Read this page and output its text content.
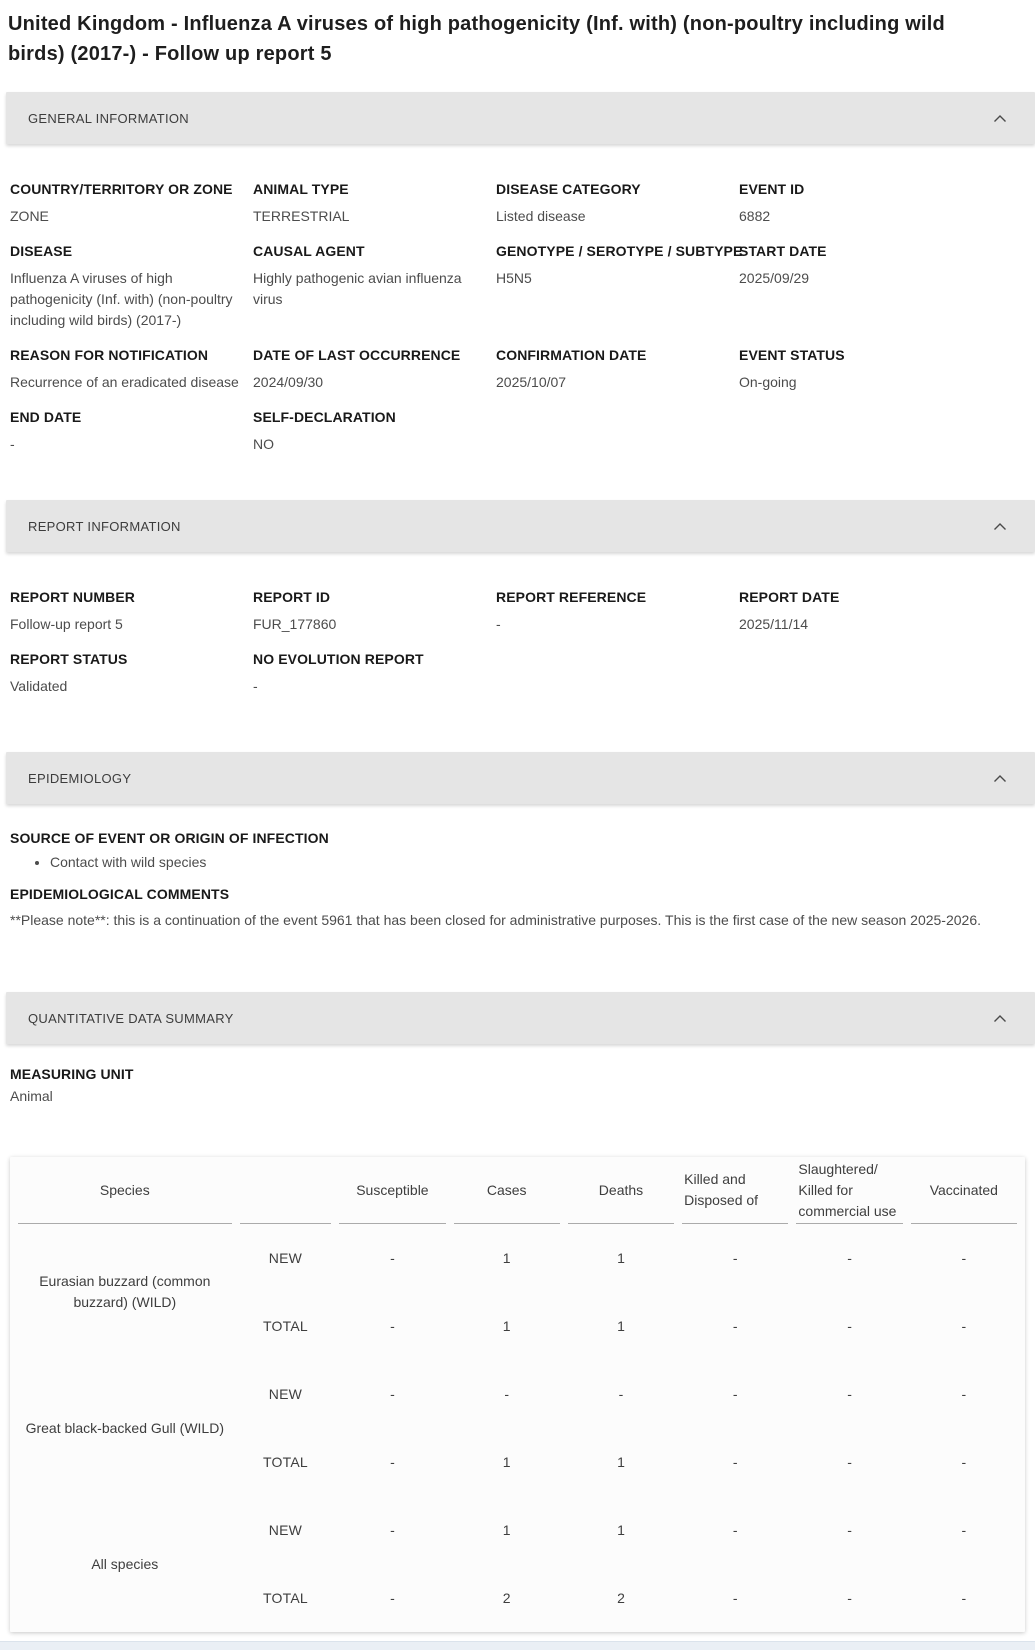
United Kingdom - Influenza A viruses of high pathogenicity (Inf. with) (non-poultry including wild birds) (2017-) - Follow up report 5
GENERAL INFORMATION
COUNTRY/TERRITORY OR ZONE
ZONE
ANIMAL TYPE
TERRESTRIAL
DISEASE CATEGORY
Listed disease
EVENT ID
6882
DISEASE
Influenza A viruses of high pathogenicity (Inf. with) (non-poultry including wild birds) (2017-)
CAUSAL AGENT
Highly pathogenic avian influenza virus
GENOTYPE / SEROTYPE / SUBTYPE
H5N5
START DATE
2025/09/29
REASON FOR NOTIFICATION
Recurrence of an eradicated disease
DATE OF LAST OCCURRENCE
2024/09/30
CONFIRMATION DATE
2025/10/07
EVENT STATUS
On-going
END DATE
-
SELF-DECLARATION
NO
REPORT INFORMATION
REPORT NUMBER
Follow-up report 5
REPORT ID
FUR_177860
REPORT REFERENCE
-
REPORT DATE
2025/11/14
REPORT STATUS
Validated
NO EVOLUTION REPORT
-
EPIDEMIOLOGY
SOURCE OF EVENT OR ORIGIN OF INFECTION
• Contact with wild species
EPIDEMIOLOGICAL COMMENTS
**Please note**: this is a continuation of the event 5961 that has been closed for administrative purposes. This is the first case of the new season 2025-2026.
QUANTITATIVE DATA SUMMARY
MEASURING UNIT
Animal
Species		Susceptible	Cases	Deaths	Killed and Disposed of	Slaughtered/ Killed for commercial use	Vaccinated

Eurasian buzzard (common buzzard) (WILD)	NEW	-	1	1	-	-	-
	TOTAL	-	1	1	-	-	-
Great black-backed Gull (WILD)	NEW	-	-	-	-	-	-
	TOTAL	-	1	1	-	-	-
All species	NEW	-	1	1	-	-	-
	TOTAL	-	2	2	-	-	-
